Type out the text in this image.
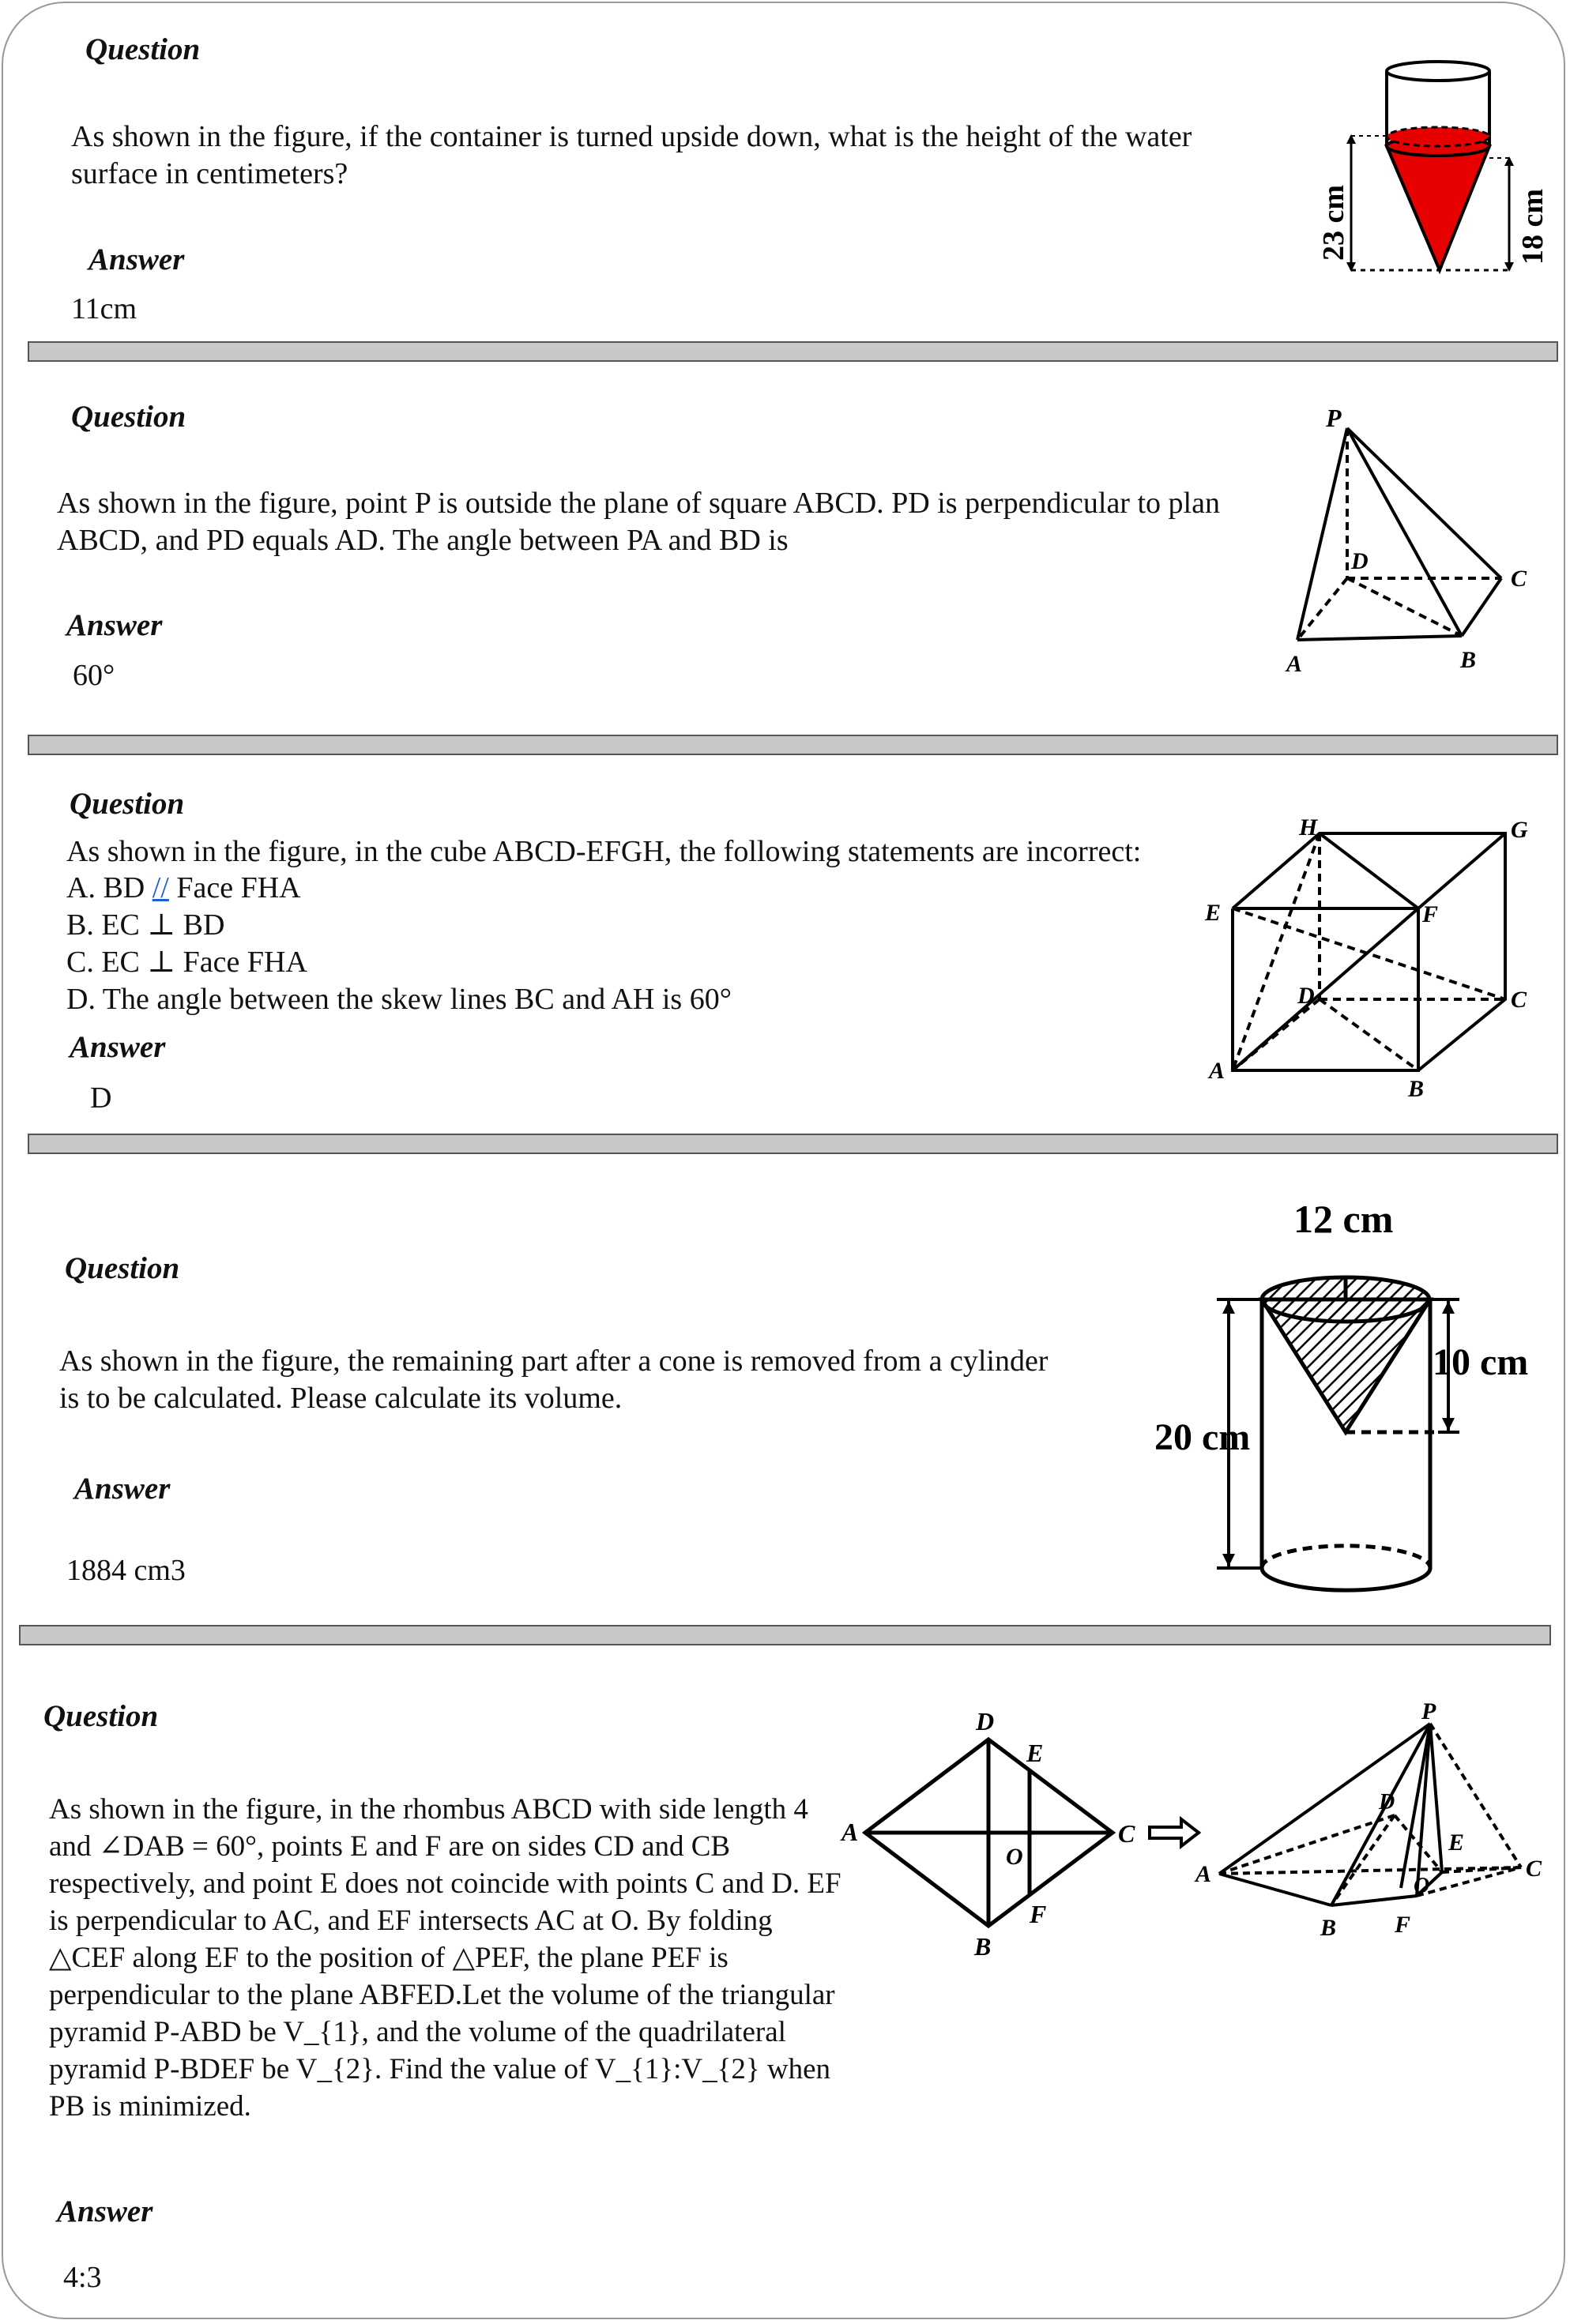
Question
As shown in the figure, if the container is turned upside down, what is the height of the water surface in centimeters?
Answer
11cm
23 cm	18 cm
Question
As shown in the figure, point P is outside the plane of square ABCD. PD is perpendicular to plan ABCD, and PD equals AD. The angle between PA and BD is
Answer
60°
P
D
C
A	B
Question
As shown in the figure, in the cube ABCD-EFGH, the following statements are incorrect:
A. BD // Face FHA
B. EC ⊥ BD
C. EC ⊥ Face FHA
D. The angle between the skew lines BC and AH is 60°
Answer
D
H	G
E	F
D	C
A
B
Question
As shown in the figure, the remaining part after a cone is removed from a cylinder is to be calculated. Please calculate its volume.
Answer
1884 cm3
12 cm
10 cm
20 cm
Question
As shown in the figure, in the rhombus ABCD with side length 4 and ∠DAB = 60°, points E and F are on sides CD and CB respectively, and point E does not coincide with points C and D. EF is perpendicular to AC, and EF intersects AC at O. By folding △CEF along EF to the position of △PEF, the plane PEF is perpendicular to the plane ABFED.Let the volume of the triangular pyramid P-ABD be V_{1}, and the volume of the quadrilateral pyramid P-BDEF be V_{2}. Find the value of V_{1}:V_{2} when PB is minimized.
Answer
4:3
D
E
A
O
C
B
F
P
D
E
A	O
C
B F
